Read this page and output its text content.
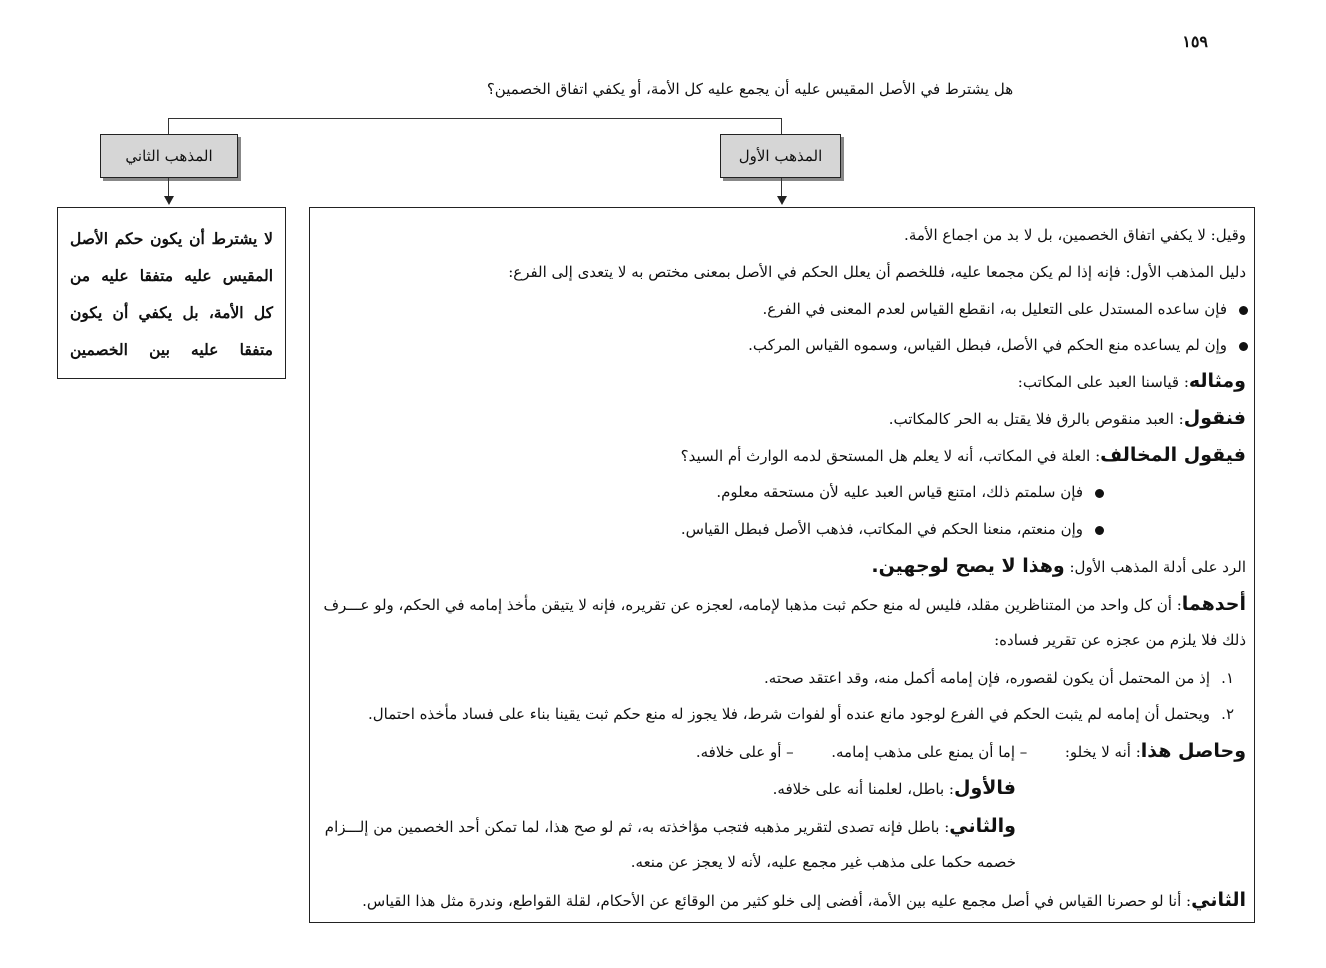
١٥٩
هل يشترط في الأصل المقيس عليه أن يجمع عليه كل الأمة، أو يكفي اتفاق الخصمين؟
المذهب الثاني	المذهب الأول
لا يشترط أن يكون حكم الأصل المقيس عليه متفقا عليه من كل الأمة، بل يكفي أن يكون متفقا عليه بين الخصمين
وقيل: لا يكفي اتفاق الخصمين، بل لا بد من اجماع الأمة.
دليل المذهب الأول: فإنه إذا لم يكن مجمعا عليه، فللخصم أن يعلل الحكم في الأصل بمعنى مختص به لا يتعدى إلى الفرع:
فإن ساعده المستدل على التعليل به، انقطع القياس لعدم المعنى في الفرع.
وإن لم يساعده منع الحكم في الأصل، فبطل القياس، وسموه القياس المركب.
ومثاله: قياسنا العبد على المكاتب:
فنقول: العبد منقوص بالرق فلا يقتل به الحر كالمكاتب.
فيقول المخالف: العلة في المكاتب، أنه لا يعلم هل المستحق لدمه الوارث أم السيد؟
فإن سلمتم ذلك، امتنع قياس العبد عليه لأن مستحقه معلوم.
وإن منعتم، منعنا الحكم في المكاتب، فذهب الأصل فبطل القياس.
الرد على أدلة المذهب الأول: وهذا لا يصح لوجهين.
أحدهما: أن كل واحد من المتناظرين مقلد، فليس له منع حكم ثبت مذهبا لإمامه، لعجزه عن تقريره، فإنه لا يتيقن مأخذ إمامه في الحكم، ولو عـــرف
ذلك فلا يلزم من عجزه عن تقرير فساده:
١.إذ من المحتمل أن يكون لقصوره، فإن إمامه أكمل منه، وقد اعتقد صحته.
٢.ويحتمل أن إمامه لم يثبت الحكم في الفرع لوجود مانع عنده أو لفوات شرط، فلا يجوز له منع حكم ثبت يقينا بناء على فساد مأخذه احتمال.
وحاصل هذا: أنه لا يخلو:  – إما أن يمنع على مذهب إمامه.  – أو على خلافه.
فالأول: باطل، لعلمنا أنه على خلافه.
والثاني: باطل فإنه تصدى لتقرير مذهبه فتجب مؤاخذته به، ثم لو صح هذا، لما تمكن أحد الخصمين من إلـــزام
خصمه حكما على مذهب غير مجمع عليه، لأنه لا يعجز عن منعه.
الثاني: أنا لو حصرنا القياس في أصل مجمع عليه بين الأمة، أفضى إلى خلو كثير من الوقائع عن الأحكام، لقلة القواطع، وندرة مثل هذا القياس.
